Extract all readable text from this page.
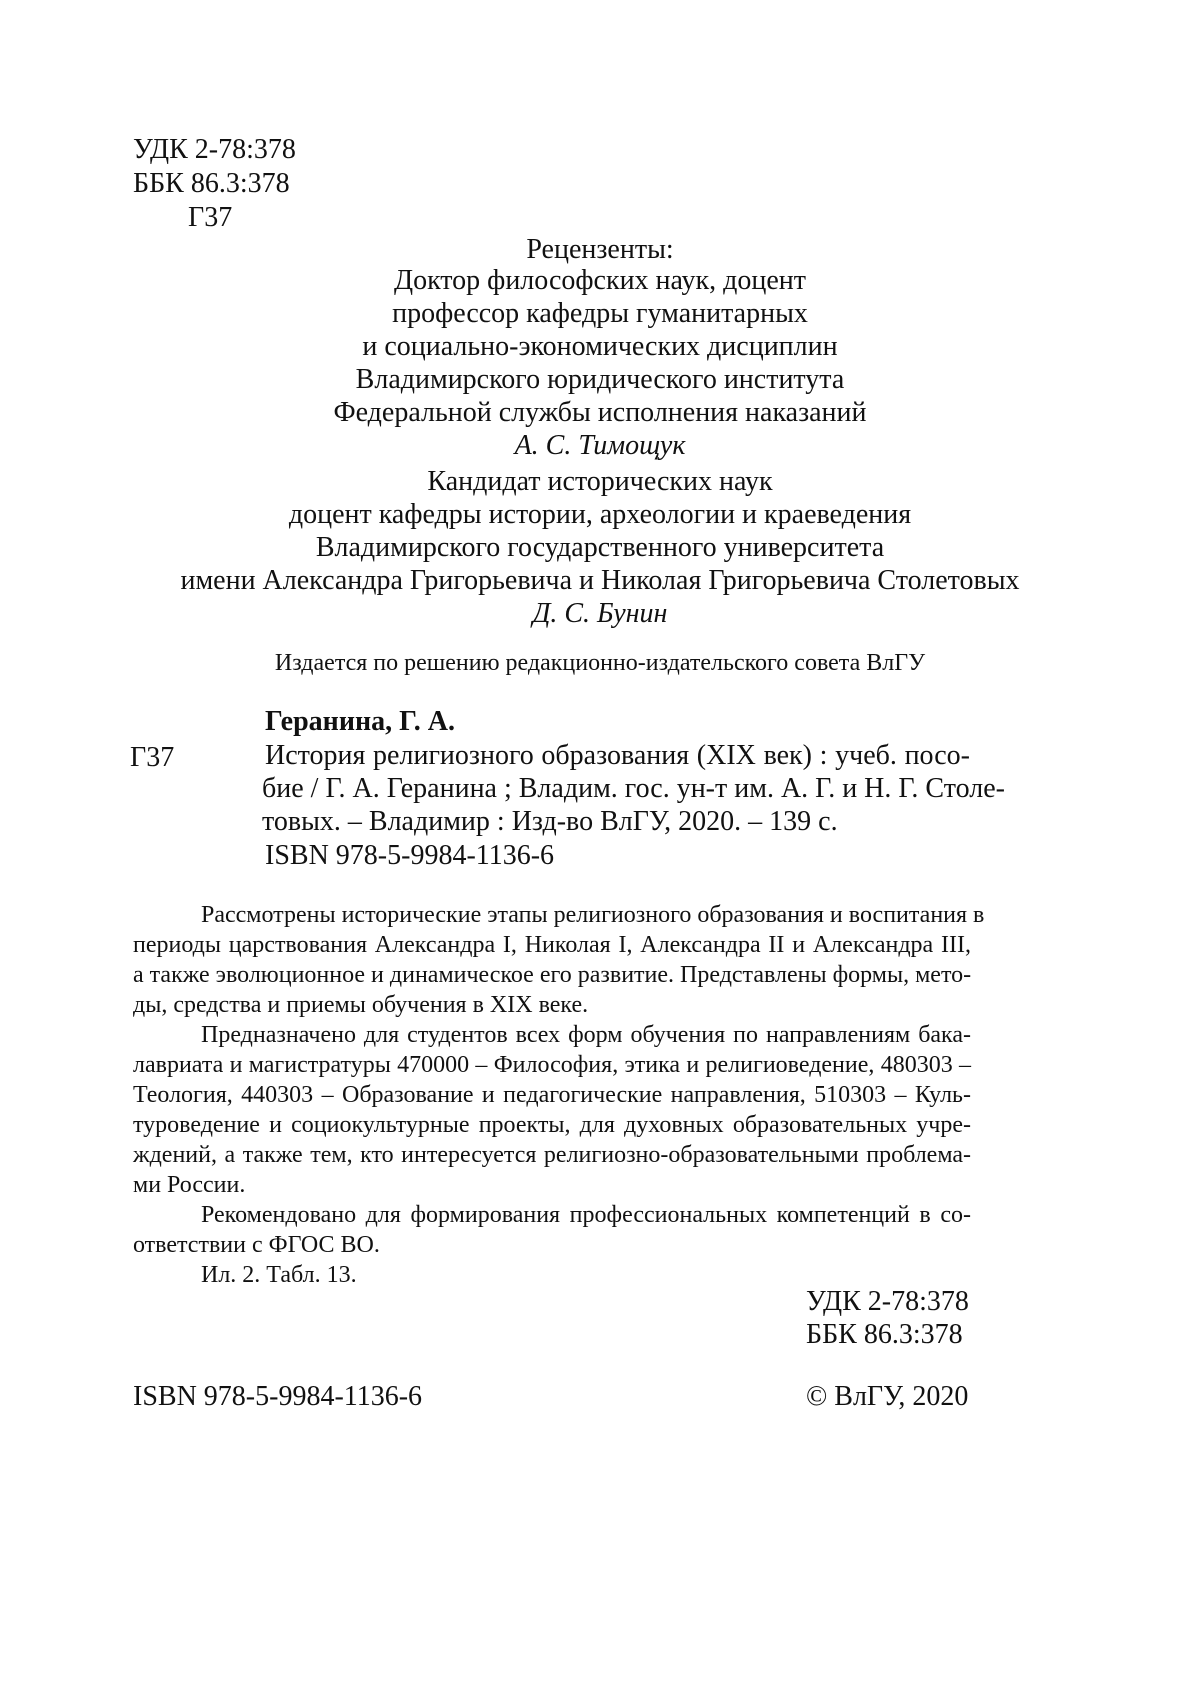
УДК 2-78:378
ББК 86.3:378
Г37
Рецензенты:
Доктор философских наук, доцент
профессор кафедры гуманитарных
и социально-экономических дисциплин
Владимирского юридического института
Федеральной службы исполнения наказаний
А. С. Тимощук
Кандидат исторических наук
доцент кафедры истории, археологии и краеведения
Владимирского государственного университета
имени Александра Григорьевича и Николая Григорьевича Столетовых
Д. С. Бунин
Издается по решению редакционно-издательского совета ВлГУ
Геранина, Г. А.
Г37	История религиозного образования (XIX век) : учеб. посо-
бие / Г. А. Геранина ; Владим. гос. ун-т им. А. Г. и Н. Г. Столе-
товых. – Владимир : Изд-во ВлГУ, 2020. – 139 с.
ISBN 978-5-9984-1136-6
Рассмотрены исторические этапы религиозного образования и воспитания в
периоды царствования Александра I, Николая I, Александра II и Александра III,
а также эволюционное и динамическое его развитие. Представлены формы, мето-
ды, средства и приемы обучения в XIX веке.
Предназначено для студентов всех форм обучения по направлениям бака-
лавриата и магистратуры 470000 – Философия, этика и религиоведение, 480303 –
Теология, 440303 – Образование и педагогические направления, 510303 – Куль-
туроведение и социокультурные проекты, для духовных образовательных учре-
ждений, а также тем, кто интересуется религиозно-образовательными проблема-
ми России.
Рекомендовано для формирования профессиональных компетенций в со-
ответствии с ФГОС ВО.
Ил. 2. Табл. 13.
УДК 2-78:378
ББК 86.3:378
ISBN 978-5-9984-1136-6	© ВлГУ, 2020
